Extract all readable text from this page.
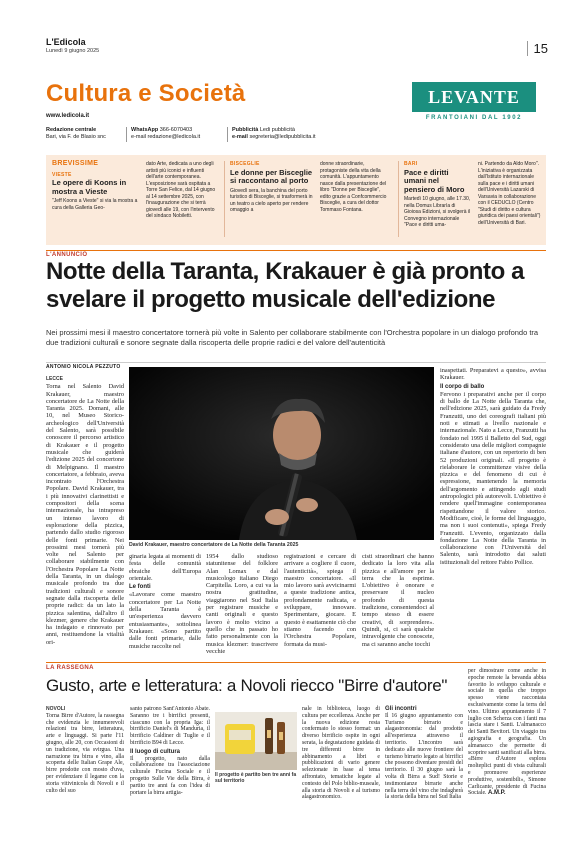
L'Edicola
Lunedì 9 giugno 2025	15
Cultura e Società
www.ledicola.it
LEVANTE
FRANTOIANI DAL 1902
Redazione centrale
Bari, via F. de Blasio snc
WhatsApp 366-6070403
e-mail redazione@ledicola.it
Pubblicità Ledi pubblicità
e-mail segreteria@ledipubblicita.it
BREVISSIME
VIESTE
Le opere di Koons in mostra a Vieste
"Jeff Koons a Vieste" si via la mostra a cura della Galleria Geo-
dato Arte, dedicata a uno degli artisti più iconici e influenti dell'arte contemporanea. L'esposizione sarà ospitata a Torre San Felice, dal 14 giugno al 14 settembre 2025, con l'inaugurazione che si terrà giovedì alle 19, con l'intervento del sindaco Nobiletti.
BISCEGLIE
Le donne per Bisceglie si raccontano al porto
Giovedì sera, la banchina del porto turistico di Bisceglie, si trasformerà in un teatro a cielo aperto per rendere omaggio a
donne straordinarie, protagoniste della vita della comunità. L'appuntamento nasce dalla presentazione del libro "Donne per Bisceglie", edito grazie a Confcommercio Bisceglie, a cura del dottor Tommaso Fontana.
BARI
Pace e diritti umani nel pensiero di Moro
Martedì 10 giugno, alle 17.30, nella Domus Librarìa di Gioiosa Edizioni, si svolgerà il Convegno internazionale "Pace e diritti uma-
ni. Partendo da Aldo Moro". L'iniziativa è organizzata dall'Istituto internazionale sulla pace e i diritti umani dell'Università Lazarski di Varsavia in collaborazione con il CEDUCLO (Centro "Studi di diritto e cultura giuridica dei paesi orientali") dell'Università di Bari.
L'ANNUNCIO
Notte della Taranta, Krakauer è già pronto a svelare il progetto musicale dell'edizione
Nei prossimi mesi il maestro concertatore tornerà più volte in Salento per collaborare stabilmente con l'Orchestra popolare in un dialogo profondo tra due tradizioni culturali e sonore segnate dalla riscoperta delle proprie radici e del valore dell'autenticità
ANTONIO NICOLA PEZZUTO
LECCE
Torna nel Salento David Krakauer, maestro concertatore de La Notte della Taranta 2025. Domani, alle 10, nel Museo Storico-archeologico dell'Università del Salento, sarà possibile conoscere il percorso artistico di Krakauer e il progetto musicale che guiderà l'edizione 2025 del concertone di Melpignano. Il maestro concertatore, a febbraio, aveva incontrato l'Orchestra Popolare. David Krakauer, tra i più innovativi clarinettisti e compositori della scena internazionale, ha intrapreso un intenso lavoro di esplorazione della pizzica, partendo dallo studio rigoroso delle fonti primarie. Nei prossimi mesi tornerà più volte nel Salento per collaborare stabilmente con l'Orchestra Popolare La Notte della Taranta, in un dialogo musicale profondo tra due tradizioni culturali e sonore segnate dalla riscoperta delle proprie radici: da un lato la pizzica salentina, dall'altro il klezmer, genere che Krakauer ha indagato e rinnovato per anni, restituendone la vitalità ori-
David Krakauer, maestro concertatore de La Notte della Taranta 2025
ginaria legata ai momenti di festa delle comunità ebraiche dell'Europa orientale.
Le fonti
«Lavorare come maestro concertatore per La Notte della Taranta è un'esperienza davvero entusiasmante», sottolinea Krakauer. «Sono partito dalle fonti primarie, dalle musiche raccolte nel
1954 dallo studioso statunitense del folklore Alan Lomax e dal musicologo italiano Diego Carpitella. Loro, a cui va la nostra gratitudine, viaggiarono nel Sud Italia per registrare musiche e canti originali e questo lavoro è molto vicino a quello che in passato ho fatto personalmente con la musica klezmer: trascrivere vecchie
registrazioni e cercare di arrivare a cogliere il cuore, l'autenticità», spiega il maestro concertatore. «Il mio lavoro sarà avvicinarmi a queste tradizione antica, profondamente radicata, e sviluppare, innovare. Sperimentare, giocare. E questo è esattamente ciò che stiamo facendo con l'Orchestra Popolare, formata da musi-
cisti straordinari che hanno dedicato la loro vita alla pizzica e all'amore per la terra che la esprime. L'obiettivo è onorare e preservare il nucleo profondo di questa tradizione, consentendoci al tempo stesso di essere creativi, di sorprendere». Quindi, si, ci sarà qualche intravolgente che conoscete, ma ci saranno anche tocchi
inaspettati. Preparatevi a questo», avvisa Krakauer.
Il corpo di ballo
Fervono i preparativi anche per il corpo di ballo de La Notte della Taranta che, nell'edizione 2025, sarà guidato da Fredy Franzutti, uno dei coreografi italiani più noti e stimati a livello nazionale e internazionale. Nato a Lecce, Franzutti ha fondato nel 1995 il Balletto del Sud, oggi considerato una delle migliori compagnie italiane d'autore, con un repertorio di ben 52 produzioni originali. «Il progetto è rielaborare le committenze visive della pizzica e del fenomeno di cui è espressione, mantenendo la memoria dell'argomento e attingendo agli studi antropologici più autorevoli. L'obiettivo è rendere quell'immagine contemporanea rispettandone il valore storico. Modificare, cioè, le forme del linguaggio, ma non i suoi contenuti», spiega Fredy Franzutti. L'evento, organizzato dalla fondazione La Notte della Taranta in collaborazione con l'Università del Salento, sarà introdotto dai saluti istituzionali del rettore Fabio Pollice.
LA RASSEGNA
Gusto, arte e letteratura: a Novoli rieccο "Birre d'autore"
NOVOLI
Torna Birre d'Autore, la rassegna che evidenzia le innumerevoli relazioni tra birre, letteratura, arte e linguaggi. Si parte l'11 giugno, alle 20, con Occasioni di un tradizione, via svirgua. Una narrazione tra birra e vino, alla scoperta delle Italian Grape Ale, birre prodotte con mosto d'uva, per evidenziare il legame con la storia vitivinicola di Novoli e il culto del suo
santo patrono Sant'Antonio Abate. Saranno tre i birrifici presenti, ciascuno con la propria Iga: il birrificio Daniel's di Manduria, il birrificio Caldiner di Tuglie e il birrificio B94 di Lecce.
Il luogo di cultura
Il progetto, nato dalla collaborazione tra l'associazione culturale Fucina Sociale e il progetto Sulle Vie della Birra, è partito tre anni fa con l'idea di portare la birra artigia-
Il progetto è partito ben tre anni fa sul territorio
nale in biblioteca, luogo di cultura per eccellenza. Anche per la nuova edizione resta confermato lo stesso format: un diverso birrificio ospite in ogni serata, la degustazione guidata di tre differenti birre in abbinamento a libri e pubblicazioni di vario genere selezionate in base al tema affrontato, tematiche legate al contesto del Polo biblio-museale, alla storia di Novoli e al turismo alagastronomico.
Gli incontri
Il 16 giugno appuntamento con Turismo birrario e alagastronomia: dal prodotto all'esperienza attraverso il territorio. L'incontro sarà dedicato alle nuove frontiere del turismo birrario legato ai birrifici che possono diventare presidi del territorio. Il 30 giugno sarà la volta di Birra a Sud! Storie e testimonianze birrarie anche nella terra del vino che indagherà la storia della birra nel Sud Italia
per dimostrare come anche in epoche remote la bevanda abbia favorito lo sviluppo culturale e sociale in quella che troppo spesso viene raccontata esclusivamente come la terra del vino. Ultimo appuntamento il 7 luglio con Scherza con i fanti ma lascia stare i Santi. L'almanacco dei Santi Bevitori. Un viaggio tra agiografia e geografia. Un almanacco che permette di scoprire santi sanificati alla birra. «Birre d'Autore esplora molteplici punti di vista culturali e promuove esperienze produttive, sostenibili», Simone Carlicante, presidente di Fucina Sociale. A.M.P.
